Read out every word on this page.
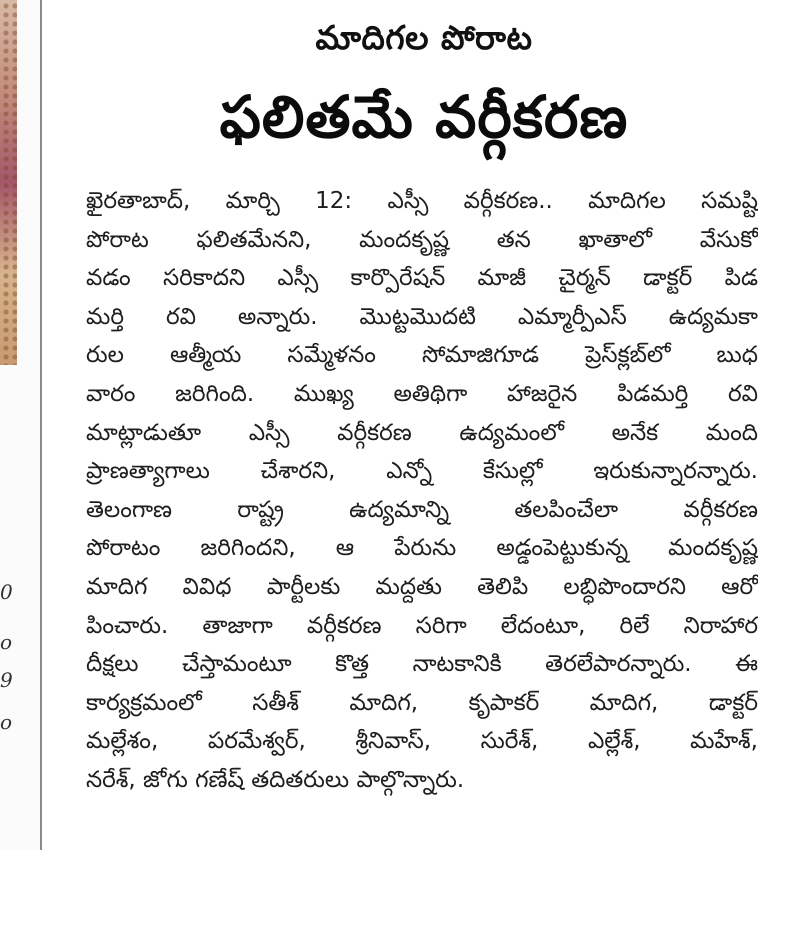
0
o
9
o
మాదిగల పోరాట
ఫలితమే వర్గీకరణ
ఖైరతాబాద్, మార్చి 12: ఎస్సీ వర్గీకరణ.. మాదిగల సమష్టి
పోరాట ఫలితమేనని, మందకృష్ణ తన ఖాతాలో వేసుకో
వడం సరికాదని ఎస్సీ కార్పొరేషన్ మాజీ చైర్మన్ డాక్టర్ పిడ
మర్తి రవి అన్నారు. మొట్టమొదటి ఎమ్మార్పీఎస్ ఉద్యమకా
రుల ఆత్మీయ సమ్మేళనం సోమాజిగూడ ప్రెస్‌క్లబ్‌లో బుధ
వారం జరిగింది. ముఖ్య అతిథిగా హాజరైన పిడమర్తి రవి
మాట్లాడుతూ ఎస్సీ వర్గీకరణ ఉద్యమంలో అనేక మంది
ప్రాణత్యాగాలు చేశారని, ఎన్నో కేసుల్లో ఇరుకున్నారన్నారు.
తెలంగాణ రాష్ట్ర ఉద్యమాన్ని తలపించేలా వర్గీకరణ
పోరాటం జరిగిందని, ఆ పేరును అడ్డంపెట్టుకున్న మందకృష్ణ
మాదిగ వివిధ పార్టీలకు మద్దతు తెలిపి లబ్ధిపొందారని ఆరో
పించారు. తాజాగా వర్గీకరణ సరిగా లేదంటూ, రిలే నిరాహార
దీక్షలు చేస్తామంటూ కొత్త నాటకానికి తెరలేపారన్నారు. ఈ
కార్యక్రమంలో సతీశ్ మాదిగ, కృపాకర్ మాదిగ, డాక్టర్
మల్లేశం, పరమేశ్వర్, శ్రీనివాస్, సురేశ్, ఎల్లేశ్, మహేశ్,
నరేశ్, జోగు గణేష్ తదితరులు పాల్గొన్నారు.
